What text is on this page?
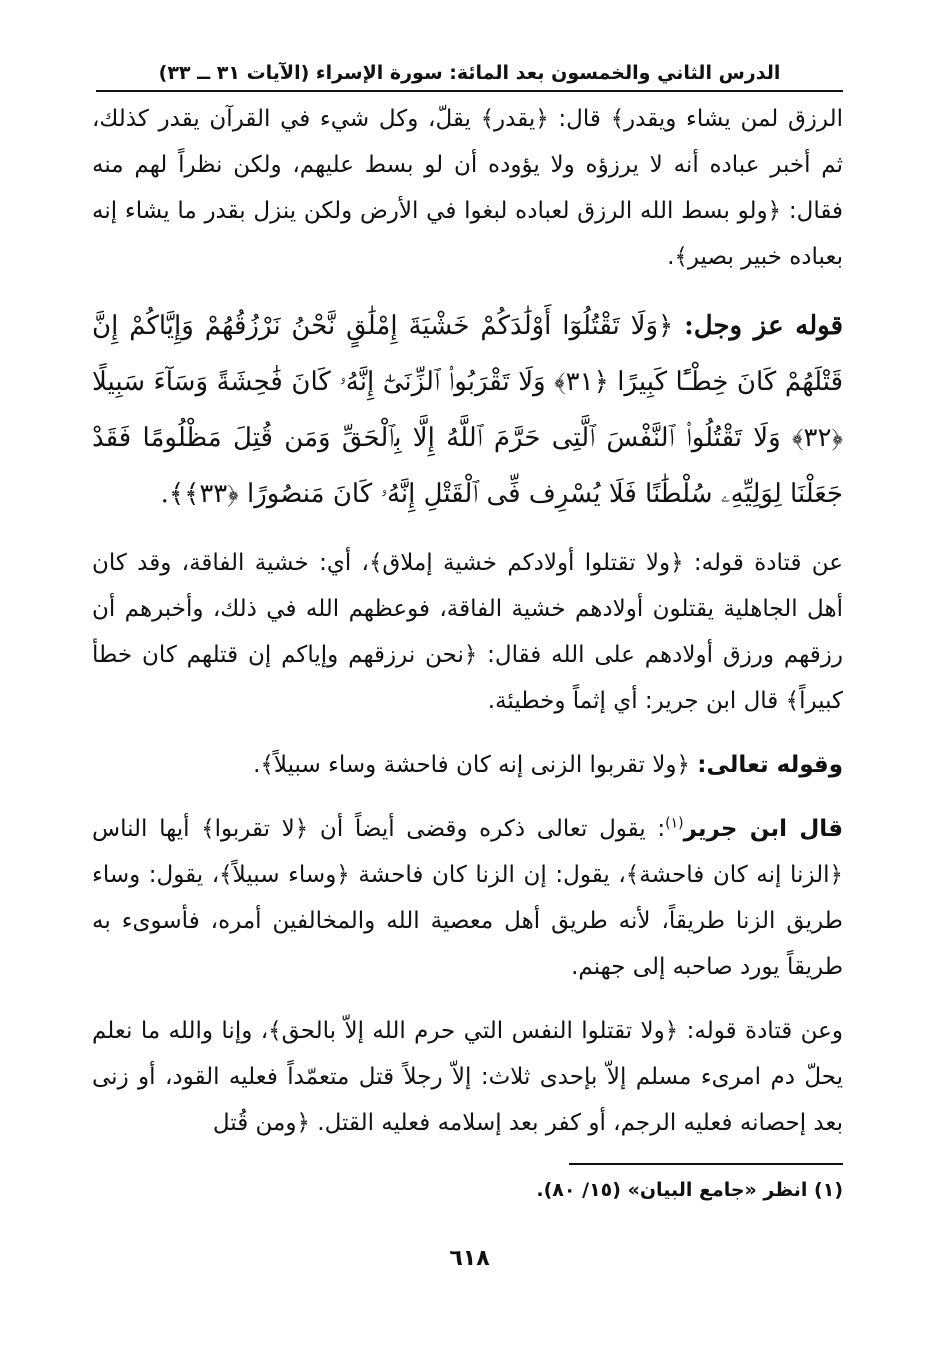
الدرس الثاني والخمسون بعد المائة: سورة الإسراء (الآيات ٣١ ــ ٣٣)

الرزق لمن يشاء ويقدر﴾ قال: ﴿يقدر﴾ يقلّ، وكل شيء في القرآن يقدر كذلك، ثم أخبر عباده أنه لا يرزؤه ولا يؤوده أن لو بسط عليهم، ولكن نظراً لهم منه فقال: ﴿ولو بسط الله الرزق لعباده لبغوا في الأرض ولكن ينزل بقدر ما يشاء إنه بعباده خبير بصير﴾.

قوله عز وجل: ﴿وَلَا تَقْتُلُوٓا أَوْلَٰدَكُمْ خَشْيَةَ إِمْلَٰقٍ نَّحْنُ نَرْزُقُهُمْ وَإِيَّاكُمْ إِنَّ قَتْلَهُمْ كَانَ خِطْـًٔا كَبِيرًا ﴿٣١﴾ وَلَا تَقْرَبُوا۟ ٱلزِّنَىٰٓ إِنَّهُۥ كَانَ فَٰحِشَةً وَسَآءَ سَبِيلًا ﴿٣٢﴾ وَلَا تَقْتُلُوا۟ ٱلنَّفْسَ ٱلَّتِى حَرَّمَ ٱللَّهُ إِلَّا بِٱلْحَقِّ وَمَن قُتِلَ مَظْلُومًا فَقَدْ جَعَلْنَا لِوَلِيِّهِۦ سُلْطَٰنًا فَلَا يُسْرِف فِّى ٱلْقَتْلِ إِنَّهُۥ كَانَ مَنصُورًا ﴿٣٣﴾﴾.

عن قتادة قوله: ﴿ولا تقتلوا أولادكم خشية إملاق﴾، أي: خشية الفاقة، وقد كان أهل الجاهلية يقتلون أولادهم خشية الفاقة، فوعظهم الله في ذلك، وأخبرهم أن رزقهم ورزق أولادهم على الله فقال: ﴿نحن نرزقهم وإياكم إن قتلهم كان خطأ كبيراً﴾ قال ابن جرير: أي إثماً وخطيئة.

وقوله تعالى: ﴿ولا تقربوا الزنى إنه كان فاحشة وساء سبيلاً﴾.

قال ابن جرير$^{(١)}$: يقول تعالى ذكره وقضى أيضاً أن ﴿لا تقربوا﴾ أيها الناس ﴿الزنا إنه كان فاحشة﴾، يقول: إن الزنا كان فاحشة ﴿وساء سبيلاً﴾، يقول: وساء طريق الزنا طريقاً، لأنه طريق أهل معصية الله والمخالفين أمره، فأسوىء به طريقاً يورد صاحبه إلى جهنم.

وعن قتادة قوله: ﴿ولا تقتلوا النفس التي حرم الله إلاّ بالحق﴾، وإنا والله ما نعلم يحلّ دم امرىء مسلم إلاّ بإحدى ثلاث: إلاّ رجلاً قتل متعمّداً فعليه القود، أو زنى بعد إحصانه فعليه الرجم، أو كفر بعد إسلامه فعليه القتل. ﴿ومن قُتل

(١) انظر «جامع البيان» (١٥/ ٨٠).
٦١٨
